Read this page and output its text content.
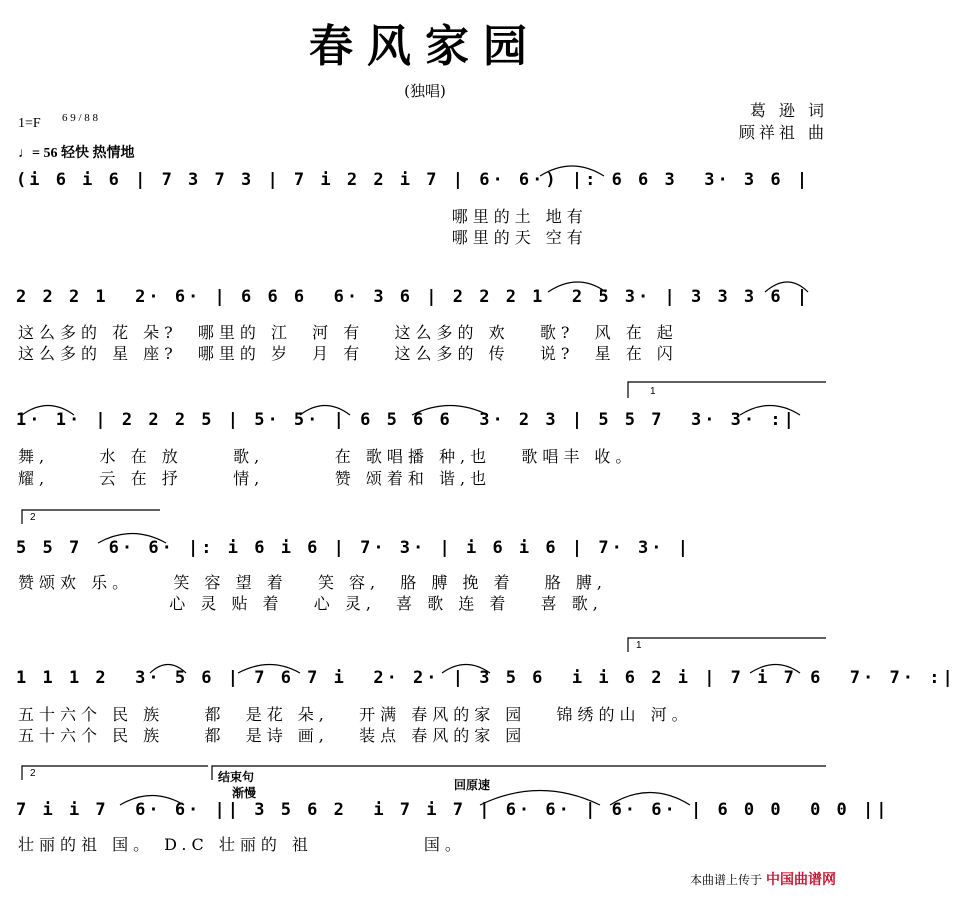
春风家园
(独唱)
1=F 6 9 / 8 8
♩= 56 轻快 热情地
葛 逊 词
顾祥祖 曲
(i 6 i 6 | 7 3 7 3 | 7 i 2 2 i 7 | 6· 6·) |: 6 6 3  3· 3 6 |
哪里的土 地有
哪里的天 空有
2 2 2 1  2· 6· | 6 6 6  6· 3 6 | 2 2 2 1  2 5 3· | 3 3 3 6 |
这么多的 花 朵?  哪里的 江  河 有   这么多的 欢   歌?  风 在 起
这么多的 星 座?  哪里的 岁  月 有   这么多的 传   说?  星 在 闪
1· 1· | 2 2 2 5 | 5· 5· | 6 5 6 6  3· 2 3 | 5 5 7  3· 3· :|
舞,     水 在 放     歌,       在 歌唱播 种,也   歌唱丰 收。
耀,     云 在 抒     情,       赞 颂着和 谐,也
1
5 5 7  6· 6· |: i 6 i 6 | 7· 3· | i 6 i 6 | 7· 3· |
赞颂欢 乐。    笑 容 望 着   笑 容,  胳 膊 挽 着   胳 膊,
心 灵 贴 着   心 灵,  喜 歌 连 着   喜 歌,
2
1 1 1 2  3· 5 6 | 7 6 7 i  2· 2· | 3 5 6  i i 6 2 i | 7 i 7 6  7· 7· :|
五十六个 民 族    都  是花 朵,   开满 春风的家 园   锦绣的山 河。
五十六个 民 族    都  是诗 画,   装点 春风的家 园
1
2	结束句
渐慢
回原速
7 i i 7  6· 6· || 3 5 6 2  i 7 i 7 | 6· 6· | 6· 6· | 6 0 0  0 0 ||
壮丽的祖 国。 D.C 壮丽的 祖           国。
本曲谱上传于 中国曲谱网
